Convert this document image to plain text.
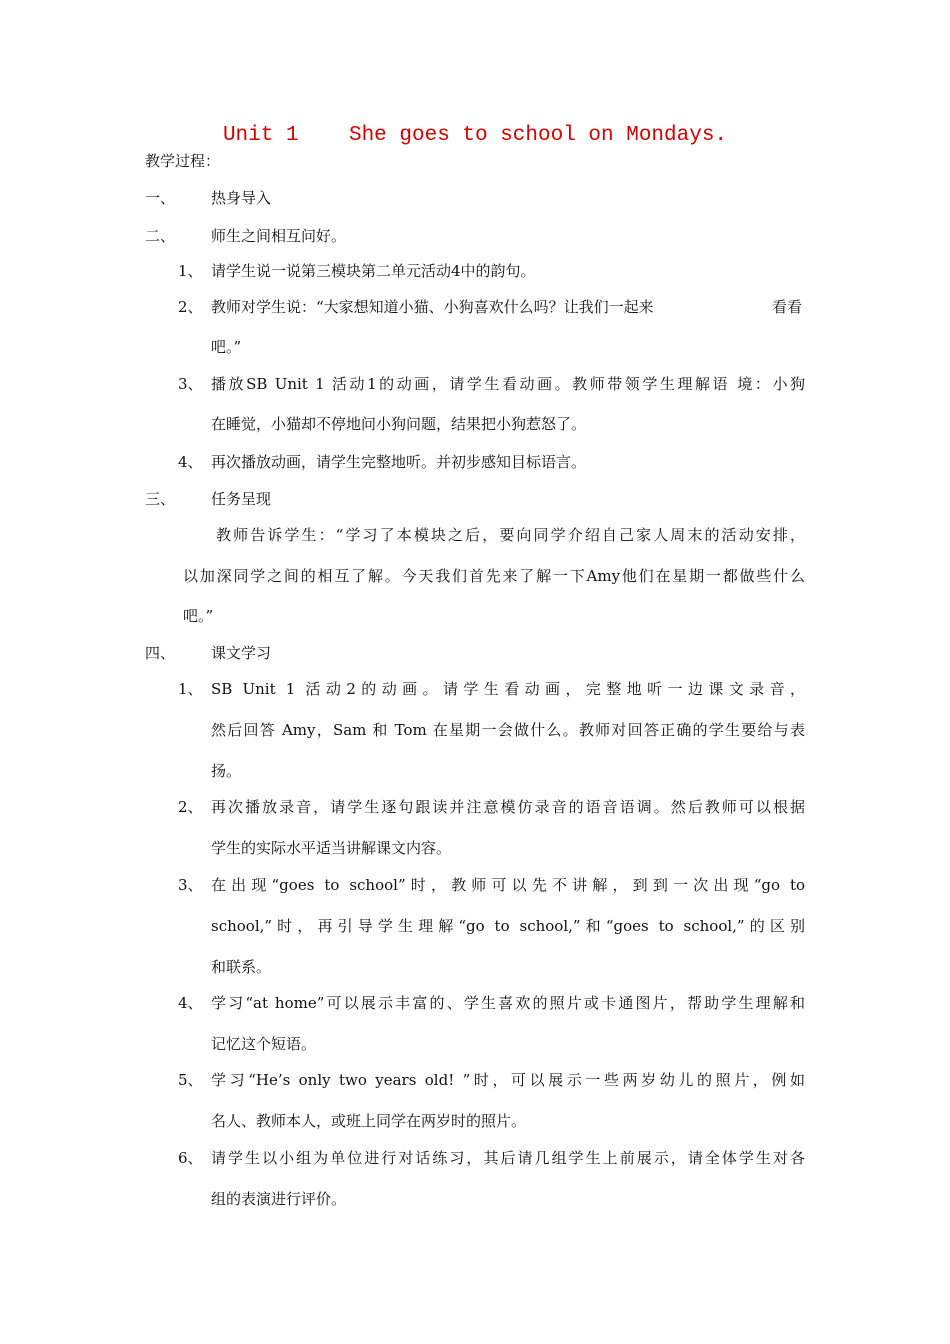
Unit 1    She goes to school on Mondays.
教学过程：
一、 热身导入
二、 师生之间相互问好。
1、 请学生说一说第三模块第二单元活动4中的韵句。
2、 教师对学生说：“大家想知道小猫、小狗喜欢什么吗？让我们一起来	看看
吧。”
3、 播放SB Unit 1 活动1的动画，请学生看动画。教师带领学生理解语 境：小狗
在睡觉，小猫却不停地问小狗问题，结果把小狗惹怒了。
4、 再次播放动画，请学生完整地听。并初步感知目标语言。
三、 任务呈现
教师告诉学生：“学习了本模块之后，要向同学介绍自己家人周末的活动安排，
以加深同学之间的相互了解。今天我们首先来了解一下Amy他们在星期一都做些什么
吧。”
四、 课文学习
1、 SB Unit 1 活动2的动画。请学生看动画，完整地听一边课文录音，
然后回答 Amy，Sam 和 Tom 在星期一会做什么。教师对回答正确的学生要给与表
扬。
2、 再次播放录音，请学生逐句跟读并注意模仿录音的语音语调。然后教师可以根据
学生的实际水平适当讲解课文内容。
3、 在出现“goes to school”时，教师可以先不讲解，到到一次出现“go to
school,”时，再引导学生理解“go to school,”和“goes to school,”的区别
和联系。
4、 学习“at home”可以展示丰富的、学生喜欢的照片或卡通图片，帮助学生理解和
记忆这个短语。
5、 学习“He’s only two years old! ”时，可以展示一些两岁幼儿的照片，例如
名人、教师本人，或班上同学在两岁时的照片。
6、 请学生以小组为单位进行对话练习，其后请几组学生上前展示，请全体学生对各
组的表演进行评价。
